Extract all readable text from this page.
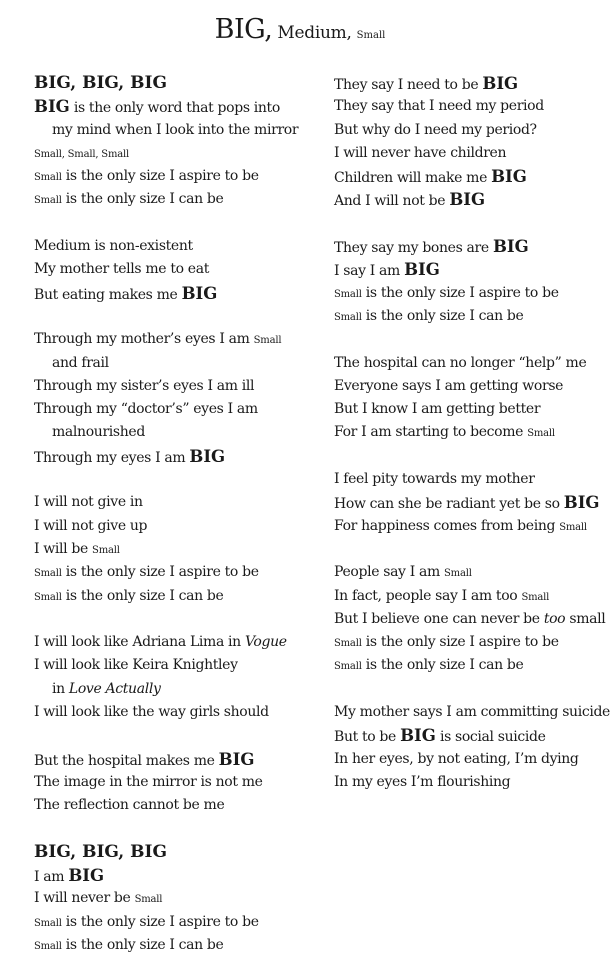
BIG, Medium, Small
BIG, BIG, BIG
BIG is the only word that pops into
my mind when I look into the mirror
Small, Small, Small
Small is the only size I aspire to be
Small is the only size I can be
Medium is non-existent
My mother tells me to eat
But eating makes me BIG
Through my mother’s eyes I am Small
and frail
Through my sister’s eyes I am ill
Through my “doctor’s” eyes I am
malnourished
Through my eyes I am BIG
I will not give in
I will not give up
I will be Small
Small is the only size I aspire to be
Small is the only size I can be
I will look like Adriana Lima in Vogue
I will look like Keira Knightley
in Love Actually
I will look like the way girls should
But the hospital makes me BIG
The image in the mirror is not me
The reflection cannot be me
BIG, BIG, BIG
I am BIG
I will never be Small
Small is the only size I aspire to be
Small is the only size I can be
They say I need to be BIG
They say that I need my period
But why do I need my period?
I will never have children
Children will make me BIG
And I will not be BIG
They say my bones are BIG
I say I am BIG
Small is the only size I aspire to be
Small is the only size I can be
The hospital can no longer “help” me
Everyone says I am getting worse
But I know I am getting better
For I am starting to become Small
I feel pity towards my mother
How can she be radiant yet be so BIG
For happiness comes from being Small
People say I am Small
In fact, people say I am too Small
But I believe one can never be too small
Small is the only size I aspire to be
Small is the only size I can be
My mother says I am committing suicide
But to be BIG is social suicide
In her eyes, by not eating, I’m dying
In my eyes I’m flourishing
